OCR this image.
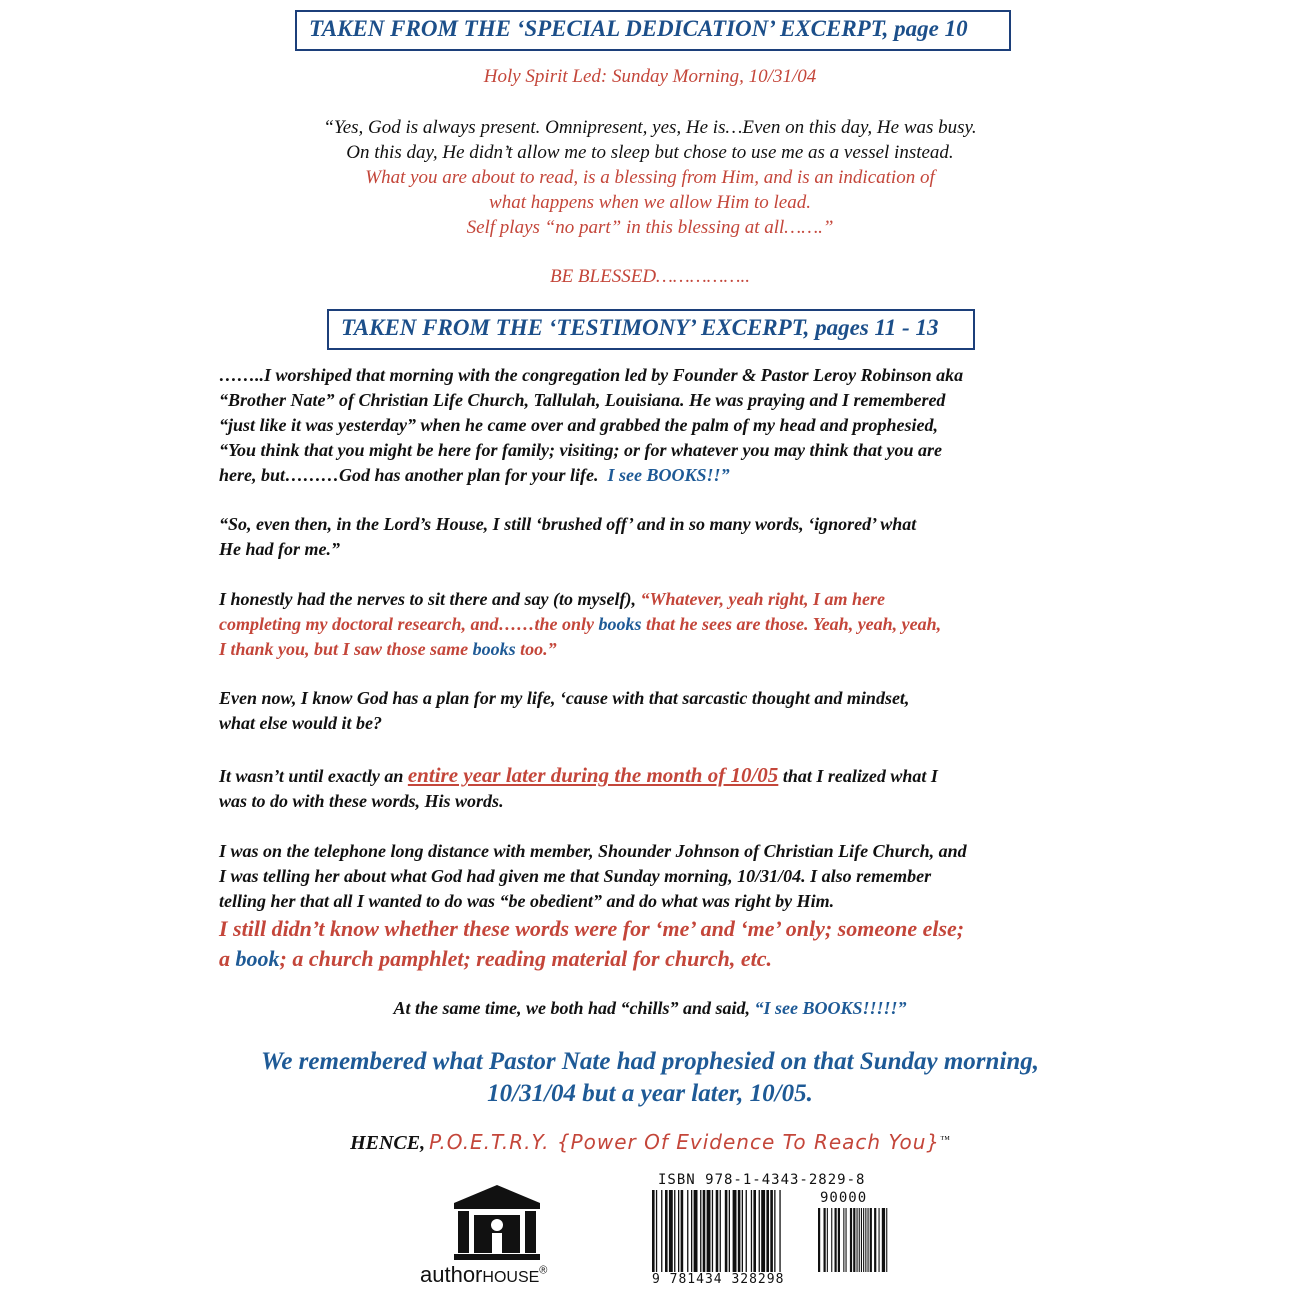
TAKEN FROM THE ‘SPECIAL DEDICATION’ EXCERPT, page 10
Holy Spirit Led: Sunday Morning, 10/31/04
“Yes, God is always present. Omnipresent, yes, He is…Even on this day, He was busy.
On this day, He didn’t allow me to sleep but chose to use me as a vessel instead.
What you are about to read, is a blessing from Him, and is an indication of
what happens when we allow Him to lead.
Self plays “no part” in this blessing at all…….”
BE BLESSED……………..
TAKEN FROM THE ‘TESTIMONY’ EXCERPT, pages 11 - 13
……..I worshiped that morning with the congregation led by Founder & Pastor Leroy Robinson aka
“Brother Nate” of Christian Life Church, Tallulah, Louisiana. He was praying and I remembered
“just like it was yesterday” when he came over and grabbed the palm of my head and prophesied,
“You think that you might be here for family; visiting; or for whatever you may think that you are
here, but………God has another plan for your life. I see BOOKS!!”
“So, even then, in the Lord’s House, I still ‘brushed off’ and in so many words, ‘ignored’ what
He had for me.”
I honestly had the nerves to sit there and say (to myself), “Whatever, yeah right, I am here
completing my doctoral research, and……the only books that he sees are those. Yeah, yeah, yeah,
I thank you, but I saw those same books too.”
Even now, I know God has a plan for my life, ‘cause with that sarcastic thought and mindset,
what else would it be?
It wasn’t until exactly an entire year later during the month of 10/05 that I realized what I
was to do with these words, His words.
I was on the telephone long distance with member, Shounder Johnson of Christian Life Church, and
I was telling her about what God had given me that Sunday morning, 10/31/04. I also remember
telling her that all I wanted to do was “be obedient” and do what was right by Him.
I still didn’t know whether these words were for ‘me’ and ‘me’ only; someone else;
a book; a church pamphlet; reading material for church, etc.
At the same time, we both had “chills” and said, “I see BOOKS!!!!!”
We remembered what Pastor Nate had prophesied on that Sunday morning,
10/31/04 but a year later, 10/05.
HENCE, P.O.E.T.R.Y. {Power Of Evidence To Reach You}™
authorHOUSE®
ISBN 978-1-4343-2829-8
90000
9 781434 328298
